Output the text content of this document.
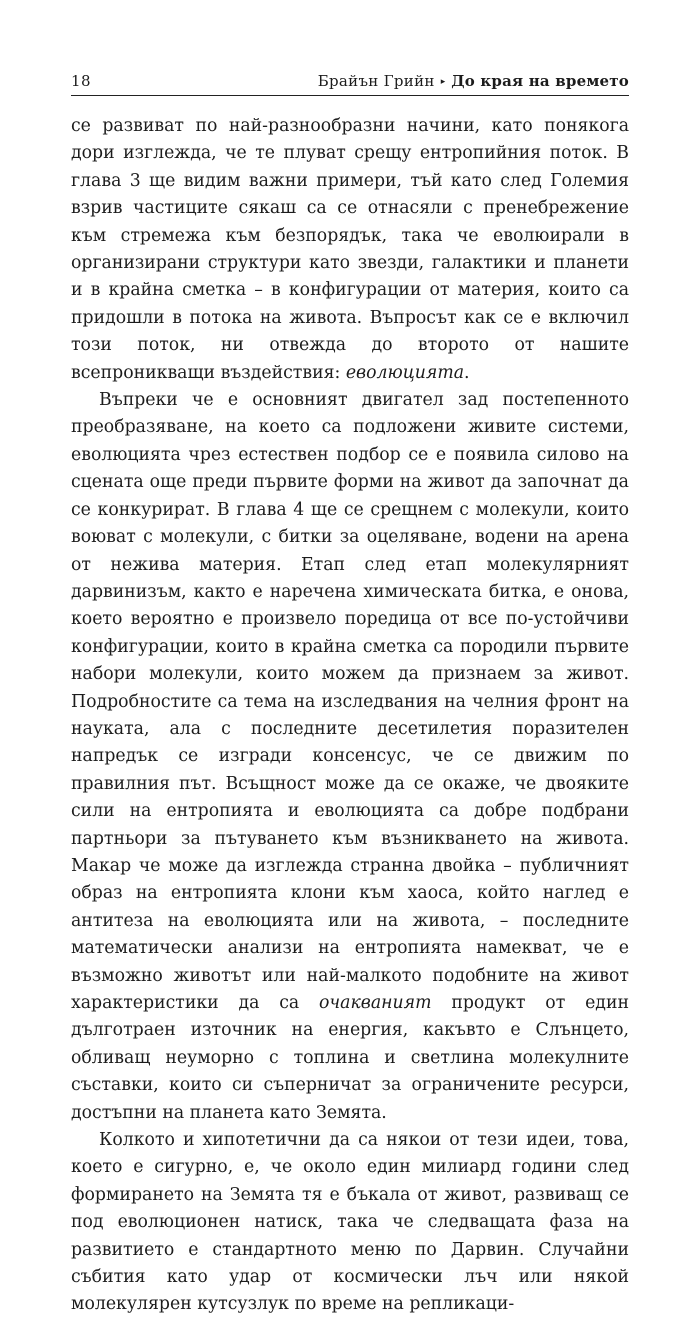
18	Брайън Грийн ▸ До края на времето

се развиват по най-разнообразни начини, като понякога дори изглежда, че те плуват срещу ентропийния поток. В глава 3 ще видим важни примери, тъй като след Големия взрив частиците сякаш са се отнасяли с пренебрежение към стремежа към безпорядък, така че еволюирали в организирани структури като звезди, галактики и планети и в крайна сметка – в конфигурации от материя, които са придошли в потока на живота. Въпросът как се е включил този поток, ни отвежда до второто от нашите всепроникващи въздействия: еволюцията.

Въпреки че е основният двигател зад постепенното преобразяване, на което са подложени живите системи, еволюцията чрез естествен подбор се е появила силово на сцената още преди първите форми на живот да започнат да се конкурират. В глава 4 ще се срещнем с молекули, които воюват с молекули, с битки за оцеляване, водени на арена от нежива материя. Етап след етап молекулярният дарвинизъм, както е наречена химическата битка, е онова, което вероятно е произвело поредица от все по-устойчиви конфигурации, които в крайна сметка са породили първите набори молекули, които можем да признаем за живот. Подробностите са тема на изследвания на челния фронт на науката, ала с последните десетилетия поразителен напредък се изгради консенсус, че се движим по правилния път. Всъщност може да се окаже, че двояките сили на ентропията и еволюцията са добре подбрани партньори за пътуването към възникването на живота. Макар че може да изглежда странна двойка – публичният образ на ентропията клони към хаоса, който наглед е антитеза на еволюцията или на живота, – последните математически анализи на ентропията намекват, че е възможно животът или най-малкото подобните на живот характеристики да са очакваният продукт от един дълготраен източник на енергия, какъвто е Слънцето, обливащ неуморно с топлина и светлина молекулните съставки, които си съперничат за ограничените ресурси, достъпни на планета като Земята.

Колкото и хипотетични да са някои от тези идеи, това, което е сигурно, е, че около един милиард години след формирането на Земята тя е бъкала от живот, развиващ се под еволюционен натиск, така че следващата фаза на развитието е стандартното меню по Дарвин. Случайни събития като удар от космически лъч или някой молекулярен кутсузлук по време на репликаци-
